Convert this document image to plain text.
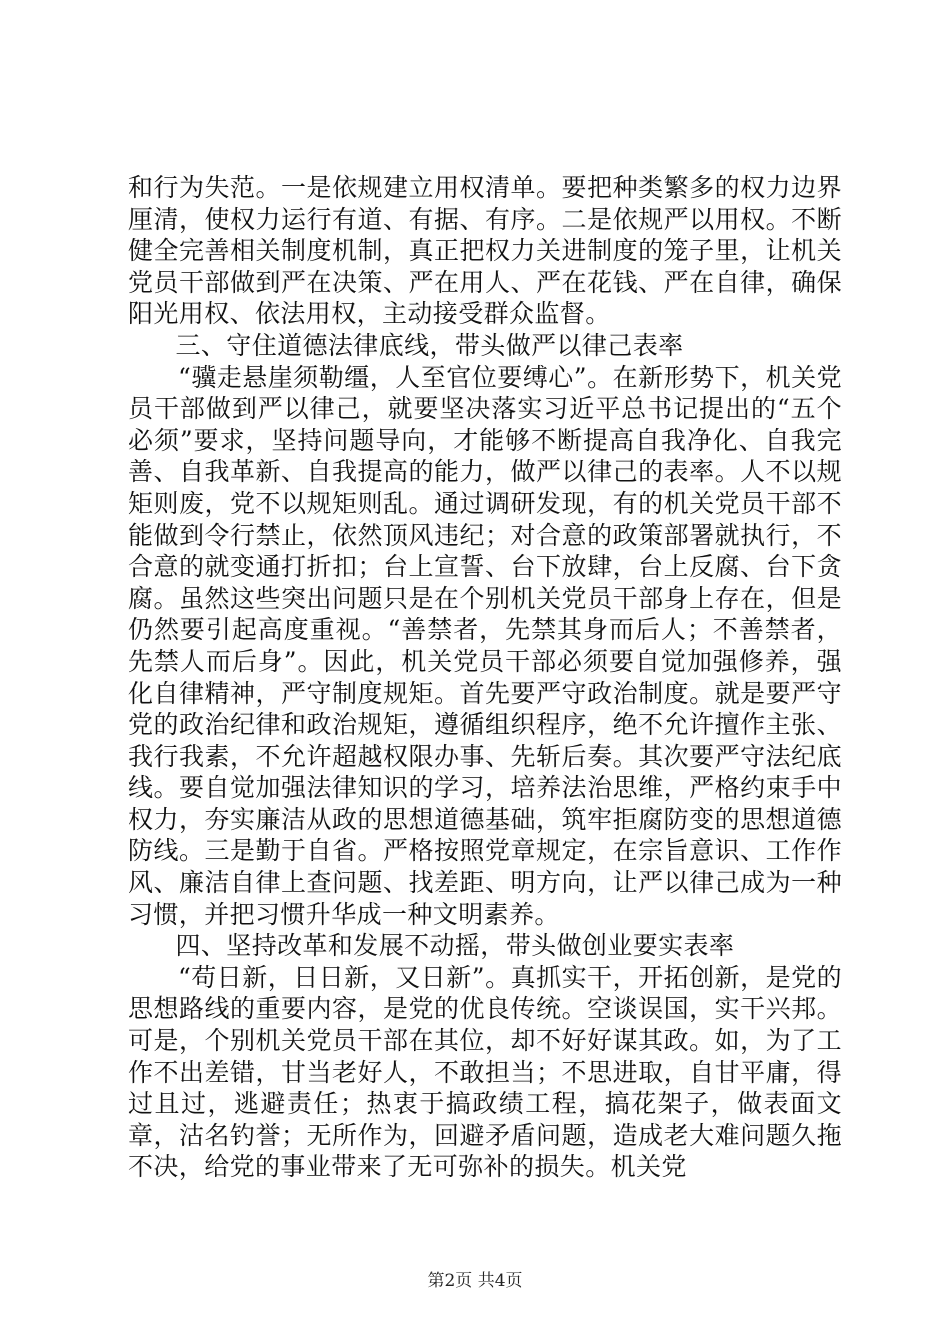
和行为失范。一是依规建立用权清单。要把种类繁多的权力边界厘清，使权力运行有道、有据、有序。二是依规严以用权。不断健全完善相关制度机制，真正把权力关进制度的笼子里，让机关党员干部做到严在决策、严在用人、严在花钱、严在自律，确保阳光用权、依法用权，主动接受群众监督。

三、守住道德法律底线，带头做严以律己表率

“骥走悬崖须勒缰，人至官位要缚心”。在新形势下，机关党员干部做到严以律己，就要坚决落实习近平总书记提出的“五个必须”要求，坚持问题导向，才能够不断提高自我净化、自我完善、自我革新、自我提高的能力，做严以律己的表率。人不以规矩则废，党不以规矩则乱。通过调研发现，有的机关党员干部不能做到令行禁止，依然顶风违纪；对合意的政策部署就执行，不合意的就变通打折扣；台上宣誓、台下放肆，台上反腐、台下贪腐。虽然这些突出问题只是在个别机关党员干部身上存在，但是仍然要引起高度重视。“善禁者，先禁其身而后人；不善禁者，先禁人而后身”。因此，机关党员干部必须要自觉加强修养，强化自律精神，严守制度规矩。首先要严守政治制度。就是要严守党的政治纪律和政治规矩，遵循组织程序，绝不允许擅作主张、我行我素，不允许超越权限办事、先斩后奏。其次要严守法纪底线。要自觉加强法律知识的学习，培养法治思维，严格约束手中权力，夯实廉洁从政的思想道德基础，筑牢拒腐防变的思想道德防线。三是勤于自省。严格按照党章规定，在宗旨意识、工作作风、廉洁自律上查问题、找差距、明方向，让严以律己成为一种习惯，并把习惯升华成一种文明素养。

四、坚持改革和发展不动摇，带头做创业要实表率

“苟日新，日日新，又日新”。真抓实干，开拓创新，是党的思想路线的重要内容，是党的优良传统。空谈误国，实干兴邦。可是，个别机关党员干部在其位，却不好好谋其政。如，为了工作不出差错，甘当老好人，不敢担当；不思进取，自甘平庸，得过且过，逃避责任；热衷于搞政绩工程，搞花架子，做表面文章，沽名钓誉；无所作为，回避矛盾问题，造成老大难问题久拖不决，给党的事业带来了无可弥补的损失。机关党

第2页 共4页
